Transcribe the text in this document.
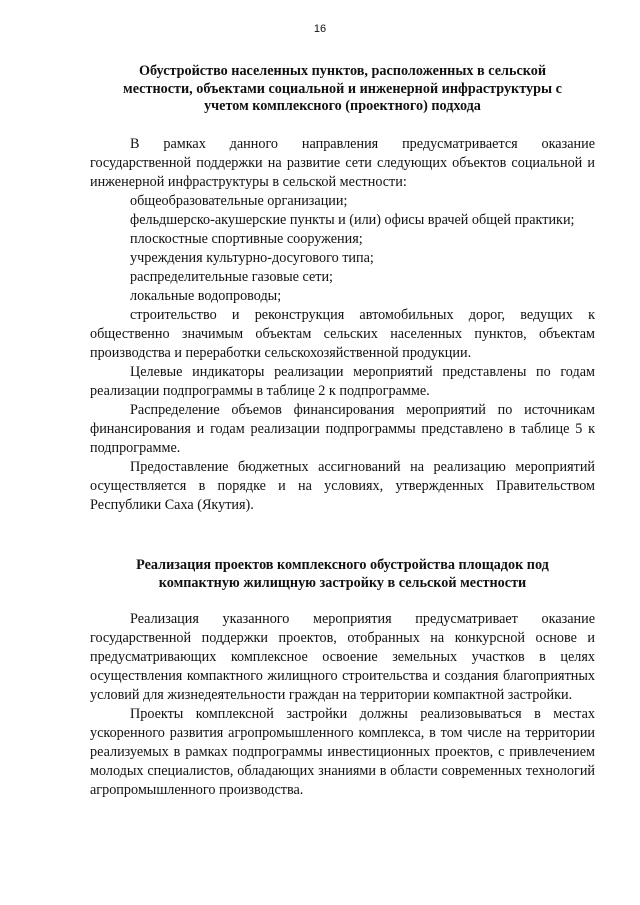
16
Обустройство населенных пунктов, расположенных в сельской
местности, объектами социальной и инженерной инфраструктуры с
учетом комплексного (проектного) подхода

В рамках данного направления предусматривается оказание государственной поддержки на развитие сети следующих объектов социальной и инженерной инфраструктуры в сельской местности:

общеобразовательные организации;

фельдшерско-акушерские пункты и (или) офисы врачей общей практики;

плоскостные спортивные сооружения;

учреждения культурно-досугового типа;

распределительные газовые сети;

локальные водопроводы;

строительство и реконструкция автомобильных дорог, ведущих к общественно значимым объектам сельских населенных пунктов, объектам производства и переработки сельскохозяйственной продукции.

Целевые индикаторы реализации мероприятий представлены по годам реализации подпрограммы в таблице 2 к подпрограмме.

Распределение объемов финансирования мероприятий по источникам финансирования и годам реализации подпрограммы представлено в таблице 5 к подпрограмме.

Предоставление бюджетных ассигнований на реализацию мероприятий осуществляется в порядке и на условиях, утвержденных Правительством Республики Саха (Якутия).

Реализация проектов комплексного обустройства площадок под
компактную жилищную застройку в сельской местности

Реализация указанного мероприятия предусматривает оказание государственной поддержки проектов, отобранных на конкурсной основе и предусматривающих комплексное освоение земельных участков в целях осуществления компактного жилищного строительства и создания благоприятных условий для жизнедеятельности граждан на территории компактной застройки.

Проекты комплексной застройки должны реализовываться в местах ускоренного развития агропромышленного комплекса, в том числе на территории реализуемых в рамках подпрограммы инвестиционных проектов, с привлечением молодых специалистов, обладающих знаниями в области современных технологий агропромышленного производства.
